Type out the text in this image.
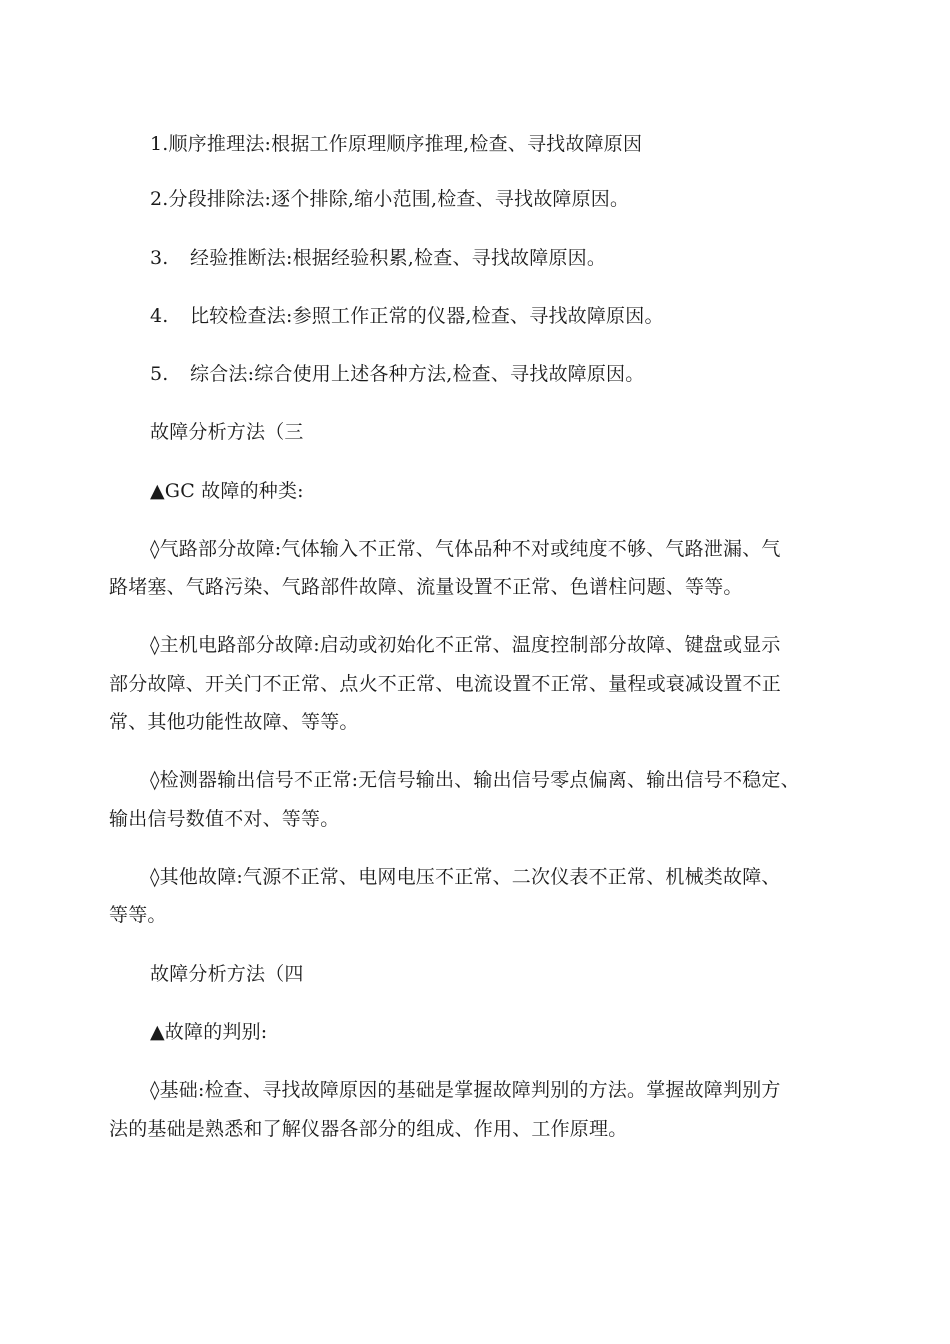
1.顺序推理法:根据工作原理顺序推理,检查、寻找故障原因
2.分段排除法:逐个排除,缩小范围,检查、寻找故障原因。
3. 经验推断法:根据经验积累,检查、寻找故障原因。
4. 比较检查法:参照工作正常的仪器,检查、寻找故障原因。
5. 综合法:综合使用上述各种方法,检查、寻找故障原因。
故障分析方法（三
▲GC 故障的种类:
◊气路部分故障:气体输入不正常、气体品种不对或纯度不够、气路泄漏、气
路堵塞、气路污染、气路部件故障、流量设置不正常、色谱柱问题、等等。
◊主机电路部分故障:启动或初始化不正常、温度控制部分故障、键盘或显示
部分故障、开关门不正常、点火不正常、电流设置不正常、量程或衰减设置不正
常、其他功能性故障、等等。
◊检测器输出信号不正常:无信号输出、输出信号零点偏离、输出信号不稳定、
输出信号数值不对、等等。
◊其他故障:气源不正常、电网电压不正常、二次仪表不正常、机械类故障、
等等。
故障分析方法（四
▲故障的判别:
◊基础:检查、寻找故障原因的基础是掌握故障判别的方法。掌握故障判别方
法的基础是熟悉和了解仪器各部分的组成、作用、工作原理。
